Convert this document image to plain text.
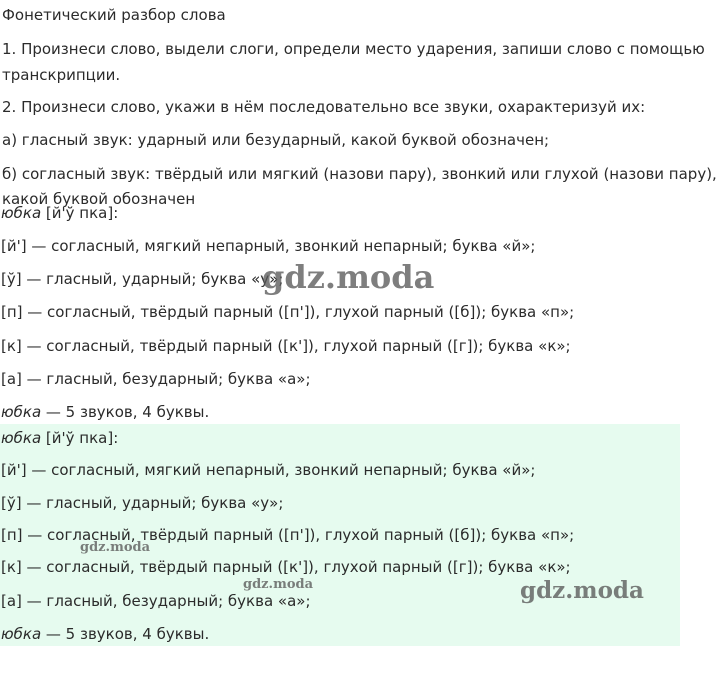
Фонетический разбор слова

1. Произнеси слово, выдели слоги, определи место ударения, запиши слово с помощью

транскрипции.

2. Произнеси слово, укажи в нём последовательно все звуки, охарактеризуй их:

а) гласный звук: ударный или безударный, какой буквой обозначен;

б) согласный звук: твёрдый или мягкий (назови пару), звонкий или глухой (назови пару),

какой буквой обозначен

юбка [й'ў пка]:
[й'] — согласный, мягкий непарный, звонкий непарный; буква «й»;
[ў] — гласный, ударный; буква «у»;
[п] — согласный, твёрдый парный ([п']), глухой парный ([б]); буква «п»;
[к] — согласный, твёрдый парный ([к']), глухой парный ([г]); буква «к»;
[а] — гласный, безударный; буква «а»;
юбка — 5 звуков, 4 буквы.
юбка [й'ў пка]:
[й'] — согласный, мягкий непарный, звонкий непарный; буква «й»;
[ў] — гласный, ударный; буква «у»;
[п] — согласный, твёрдый парный ([п']), глухой парный ([б]); буква «п»;
[к] — согласный, твёрдый парный ([к']), глухой парный ([г]); буква «к»;
[а] — гласный, безударный; буква «а»;
юбка — 5 звуков, 4 буквы.
gdz.moda
gdz.moda
gdz.moda	gdz.moda
